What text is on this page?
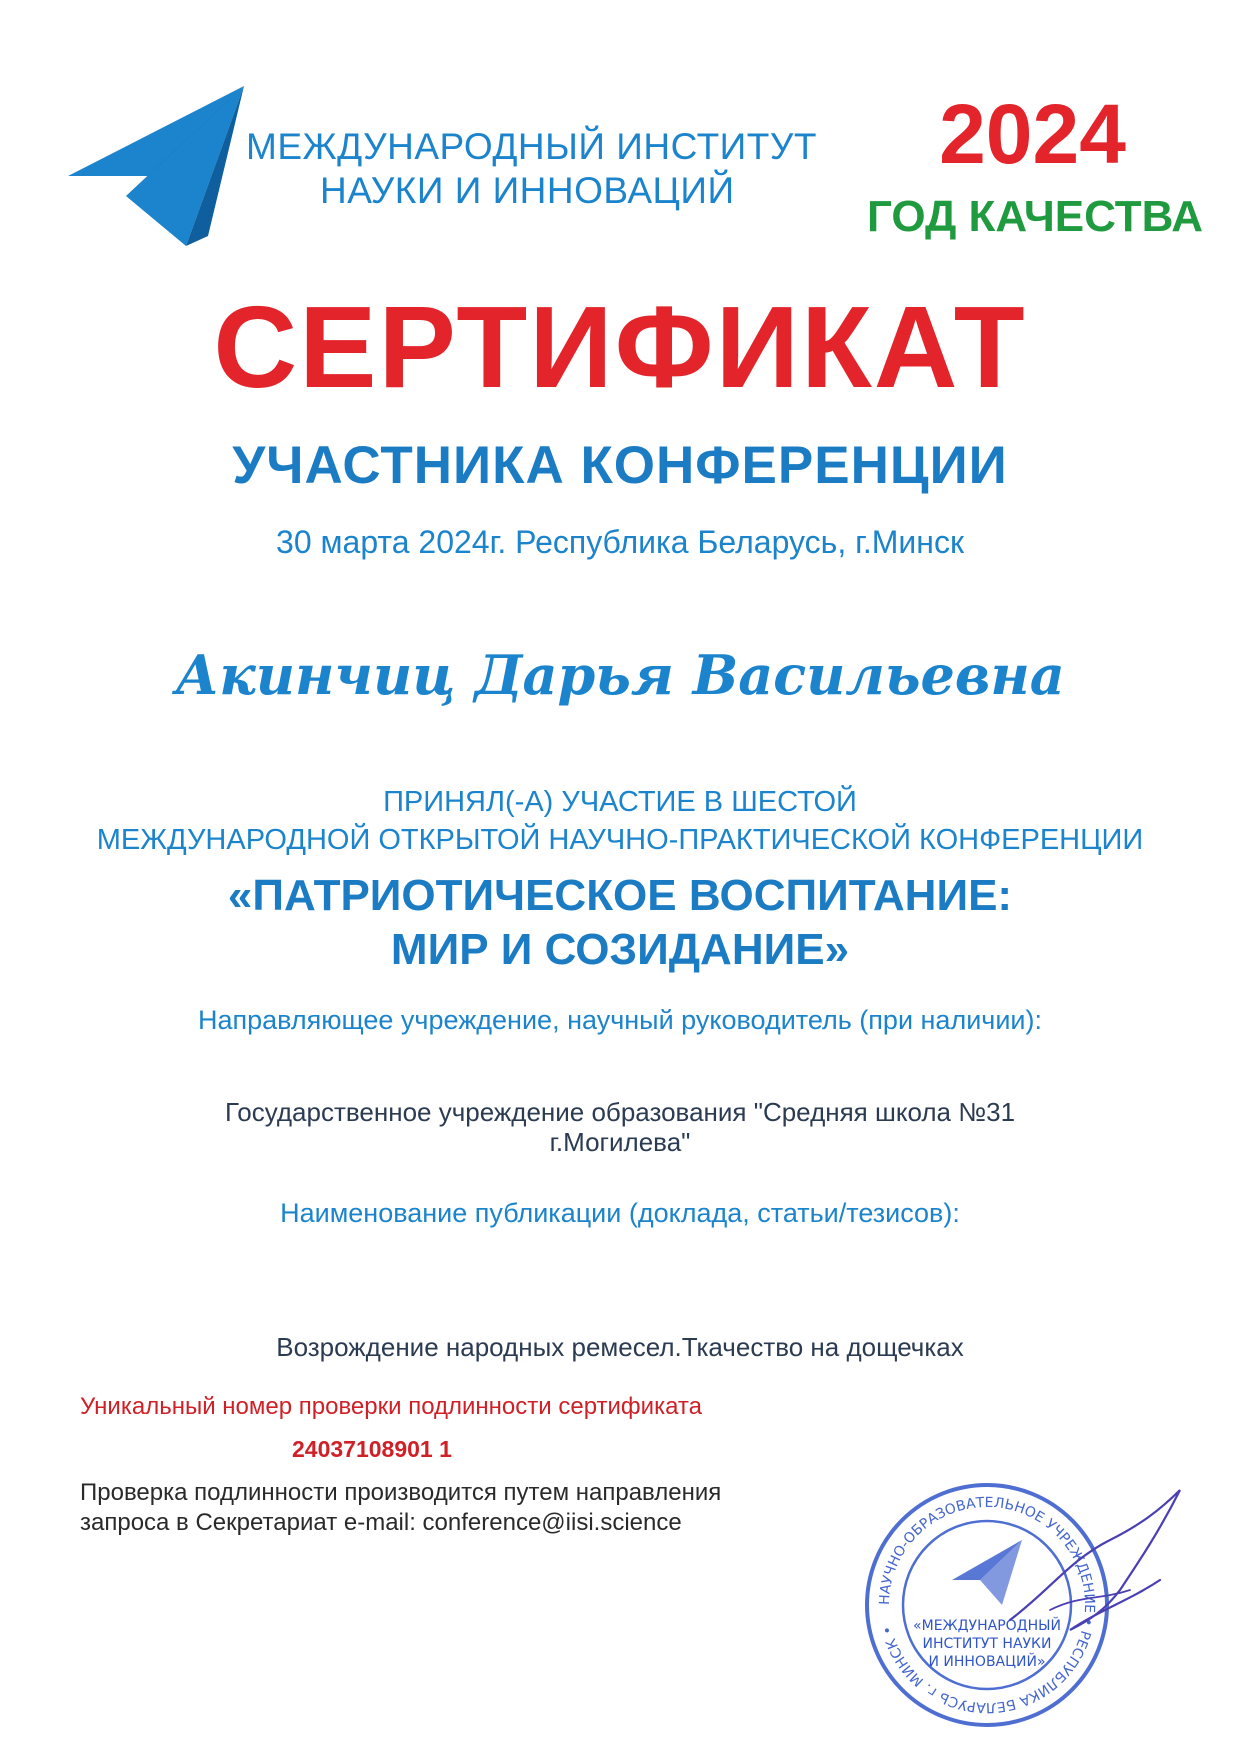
МЕЖДУНАРОДНЫЙ ИНСТИТУТ
НАУКИ И ИННОВАЦИЙ
2024
ГОД КАЧЕСТВА
СЕРТИФИКАТ
УЧАСТНИКА КОНФЕРЕНЦИИ
30 марта 2024г. Республика Беларусь, г.Минск
Акинчиц Дарья Васильевна
ПРИНЯЛ(-А) УЧАСТИЕ В ШЕСТОЙ
МЕЖДУНАРОДНОЙ ОТКРЫТОЙ НАУЧНО-ПРАКТИЧЕСКОЙ КОНФЕРЕНЦИИ
«ПАТРИОТИЧЕСКОЕ ВОСПИТАНИЕ:
МИР И СОЗИДАНИЕ»
Направляющее учреждение, научный руководитель (при наличии):
Государственное учреждение образования "Средняя школа №31
г.Могилева"
Наименование публикации (доклада, статьи/тезисов):
Возрождение народных ремесел.Ткачество на дощечках
Уникальный номер проверки подлинности сертификата
24037108901 1
Проверка подлинности производится путем направления
запроса в Секретариат e-mail: conference@iisi.science
НАУЧНО-ОБРАЗОВАТЕЛЬНОЕ УЧРЕЖДЕНИЕ • РЕСПУБЛИКА БЕЛАРУСЬ г. МИНСК •	«МЕЖДУНАРОДНЫЙ
ИНСТИТУТ НАУКИ
И ИННОВАЦИЙ»
